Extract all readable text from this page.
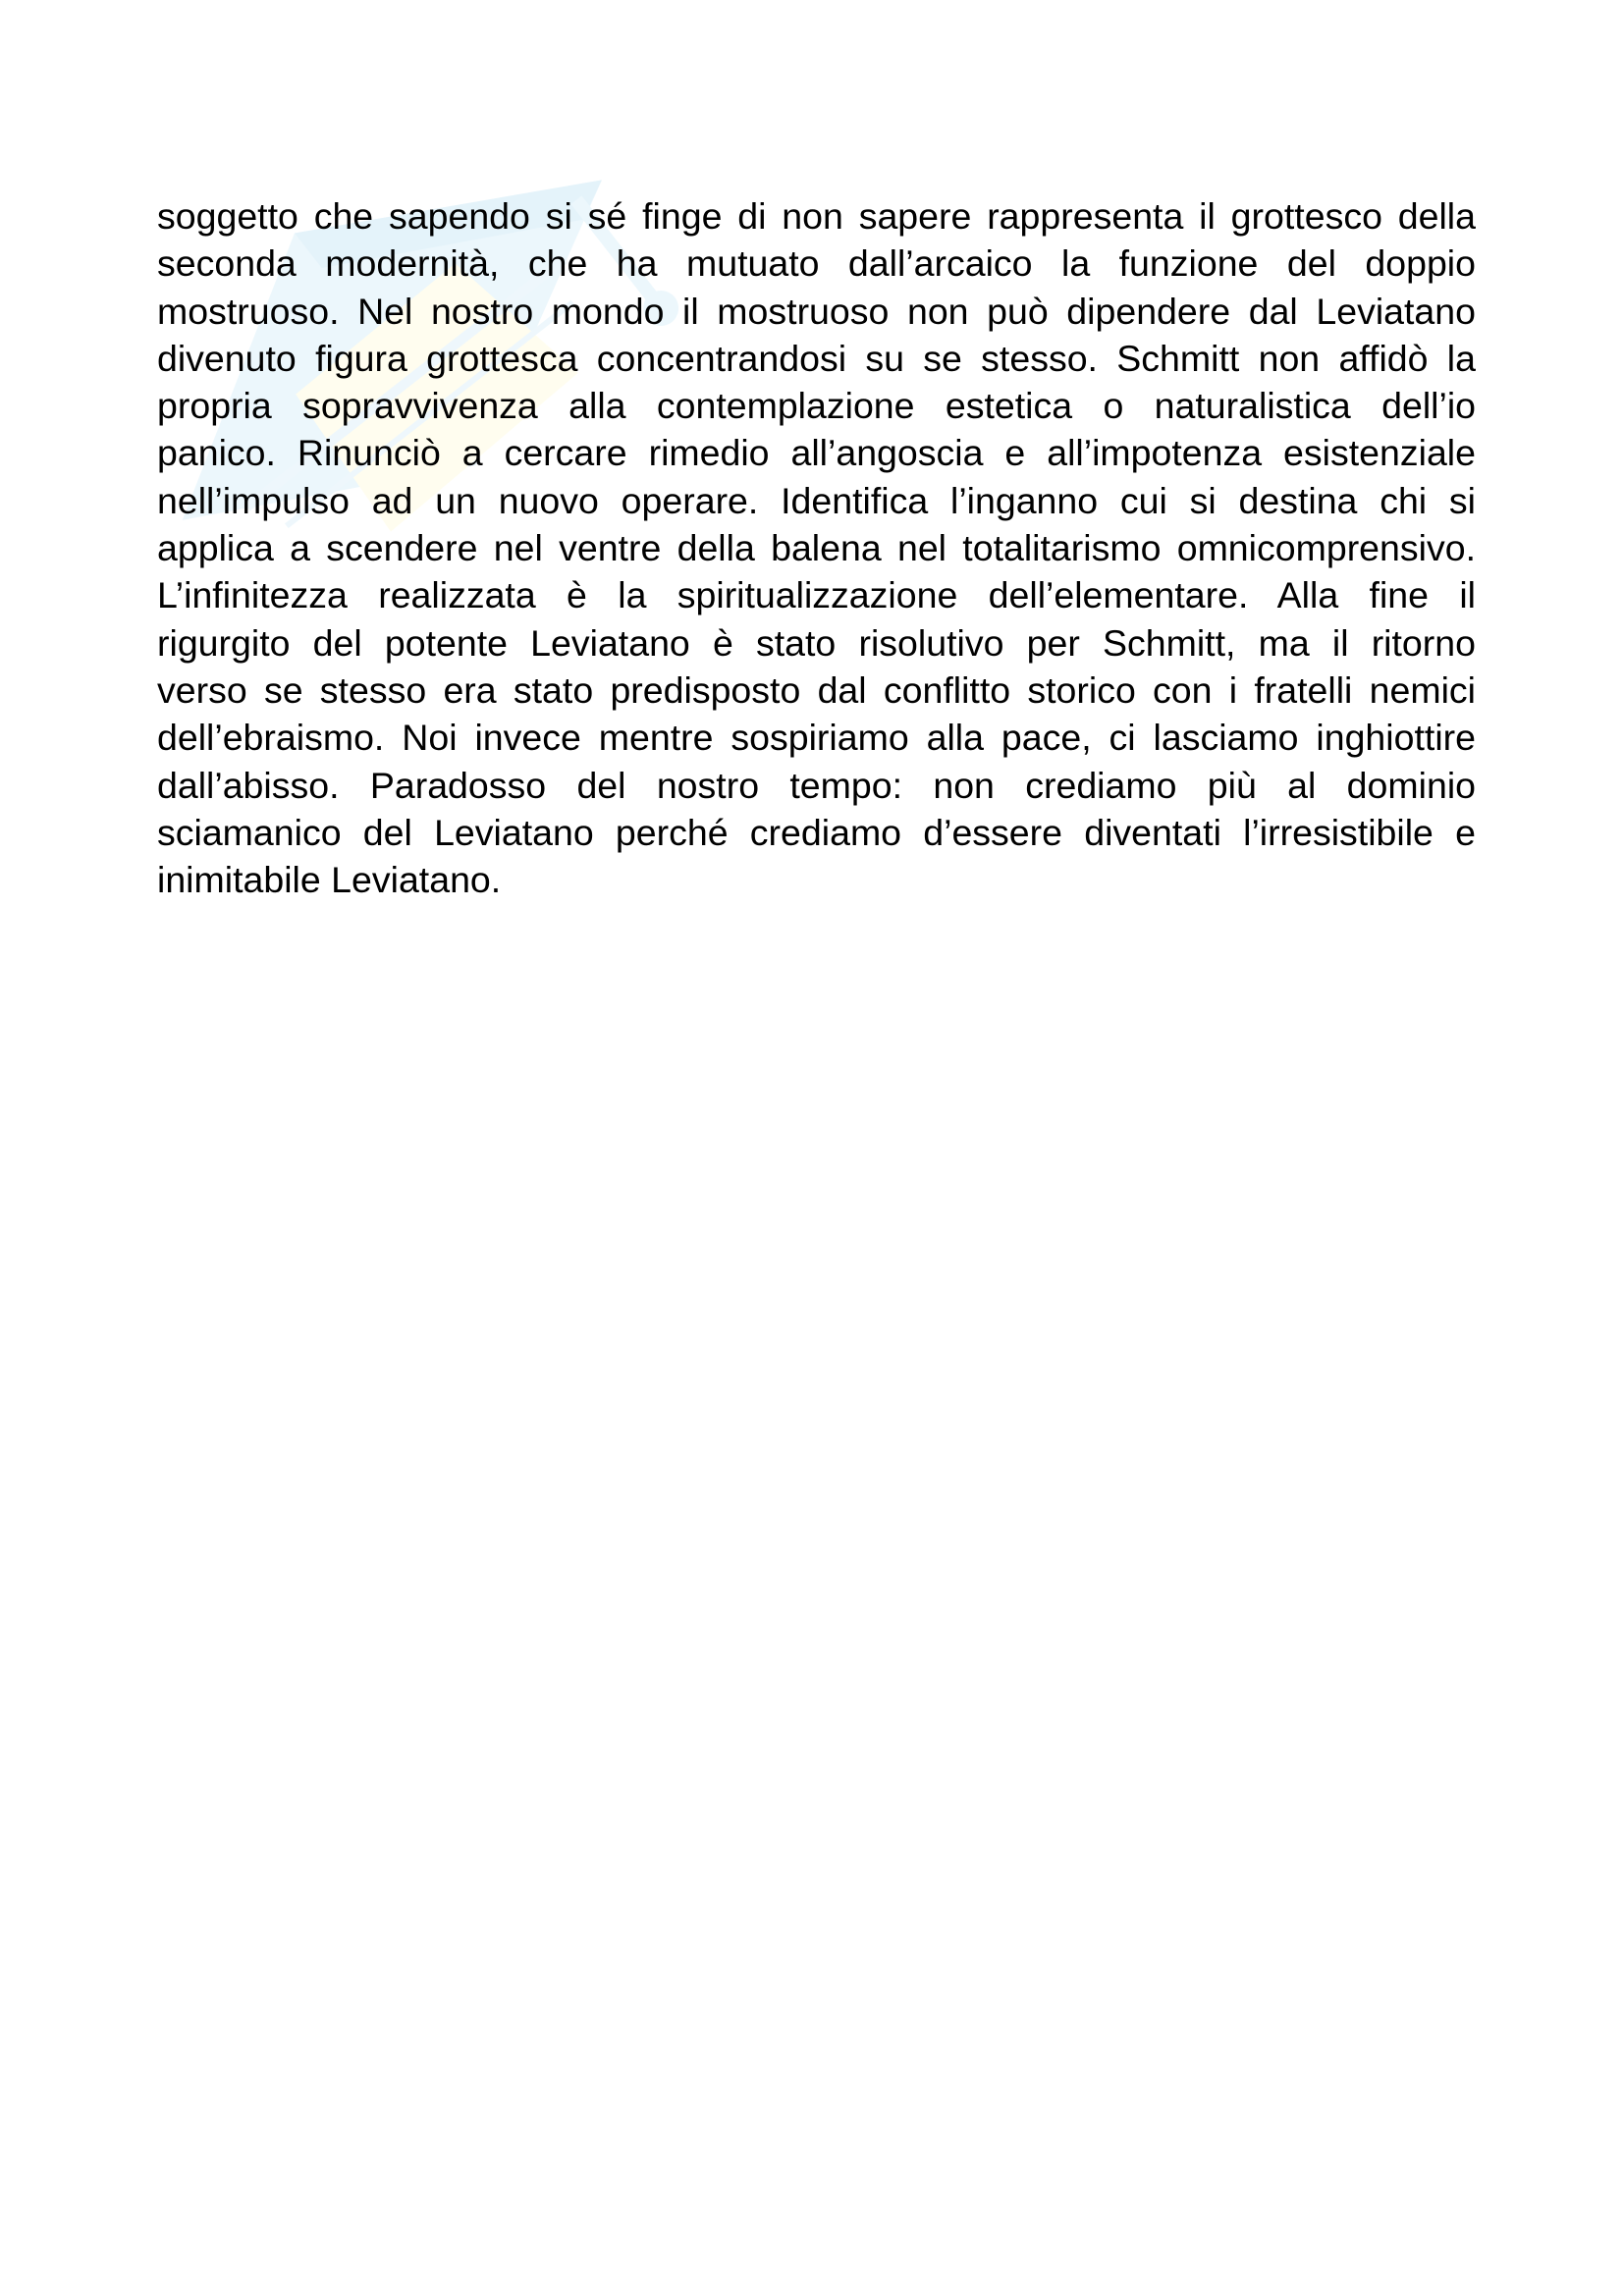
soggetto che sapendo si sé finge di non sapere rappresenta il grottesco della
seconda modernità, che ha mutuato dall’arcaico la funzione del doppio
mostruoso. Nel nostro mondo il mostruoso non può dipendere dal Leviatano
divenuto figura grottesca concentrandosi su se stesso. Schmitt non affidò la
propria sopravvivenza alla contemplazione estetica o naturalistica dell’io
panico. Rinunciò a cercare rimedio all’angoscia e all’impotenza esistenziale
nell’impulso ad un nuovo operare. Identifica l’inganno cui si destina chi si
applica a scendere nel ventre della balena nel totalitarismo omnicomprensivo.
L’infinitezza realizzata è la spiritualizzazione dell’elementare. Alla fine il
rigurgito del potente Leviatano è stato risolutivo per Schmitt, ma il ritorno
verso se stesso era stato predisposto dal conflitto storico con i fratelli nemici
dell’ebraismo. Noi invece mentre sospiriamo alla pace, ci lasciamo inghiottire
dall’abisso. Paradosso del nostro tempo: non crediamo più al dominio
sciamanico del Leviatano perché crediamo d’essere diventati l’irresistibile e
inimitabile Leviatano.
